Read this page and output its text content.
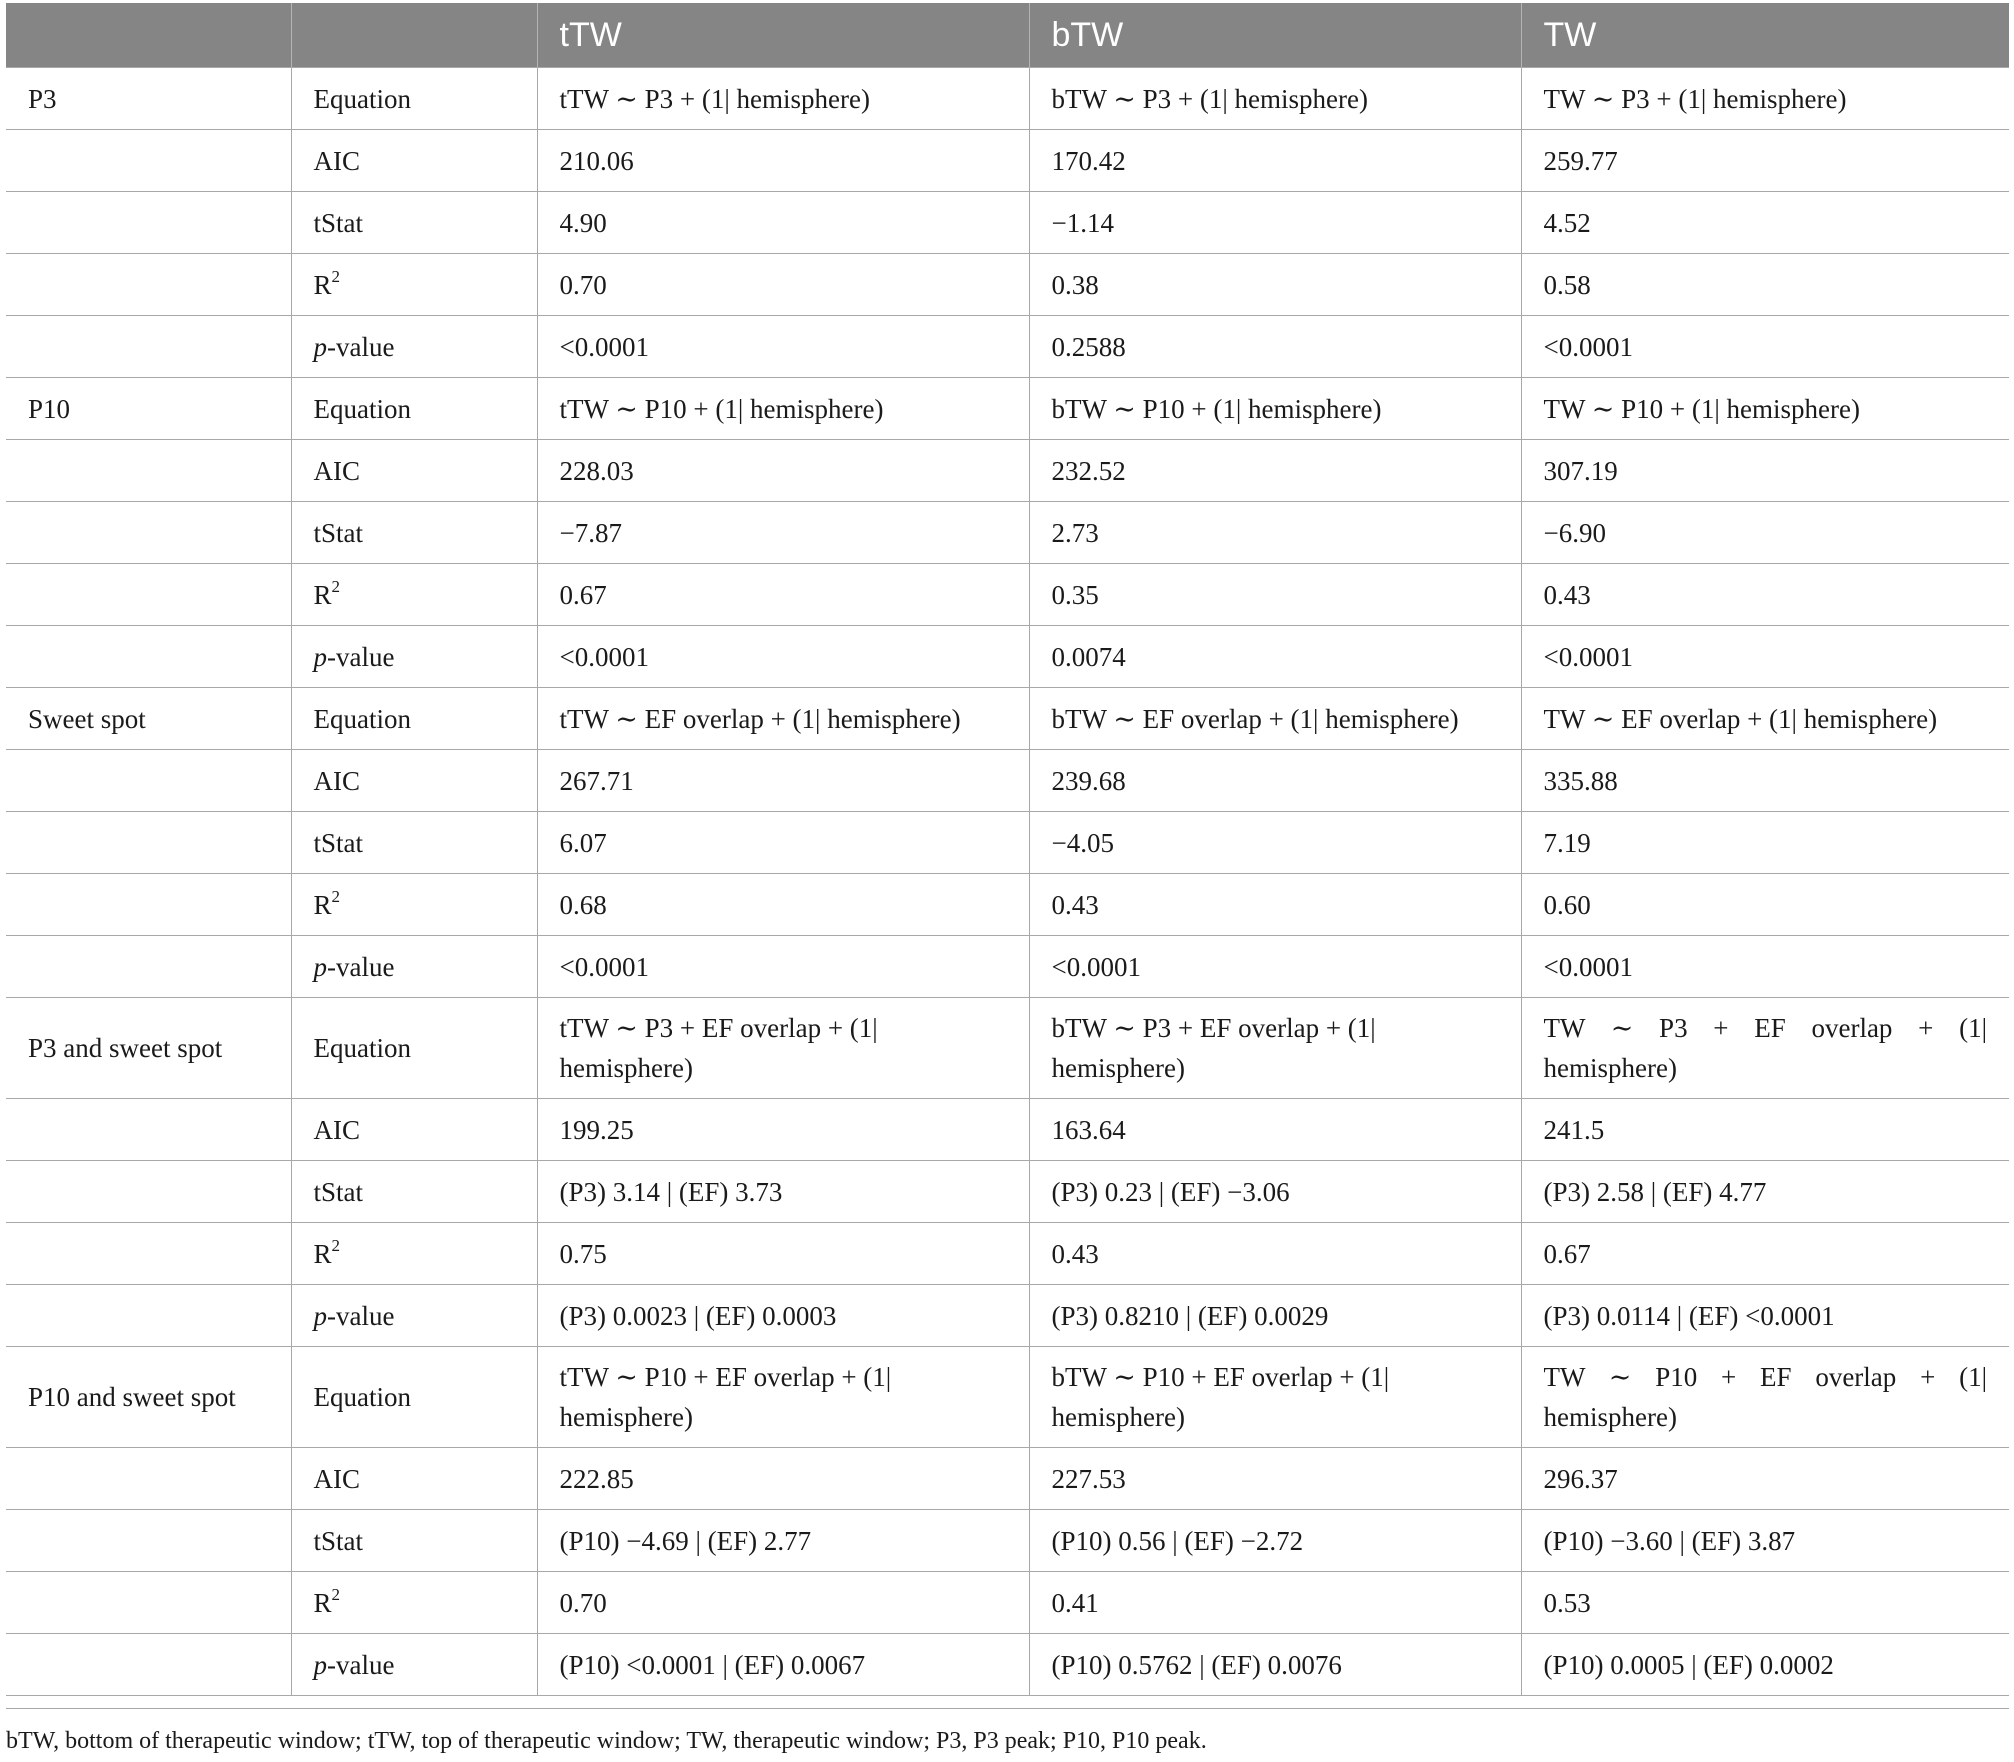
		tTW	bTW	TW
P3	Equation	tTW ∼ P3 + (1| hemisphere)	bTW ∼ P3 + (1| hemisphere)	TW ∼ P3 + (1| hemisphere)
	AIC	210.06	170.42	259.77
	tStat	4.90	−1.14	4.52
	$R^2$	0.70	0.38	0.58
	p-value	<0.0001	0.2588	<0.0001
P10	Equation	tTW ∼ P10 + (1| hemisphere)	bTW ∼ P10 + (1| hemisphere)	TW ∼ P10 + (1| hemisphere)
	AIC	228.03	232.52	307.19
	tStat	−7.87	2.73	−6.90
	$R^2$	0.67	0.35	0.43
	p-value	<0.0001	0.0074	<0.0001
Sweet spot	Equation	tTW ∼ EF overlap + (1| hemisphere)	bTW ∼ EF overlap + (1| hemisphere)	TW ∼ EF overlap + (1| hemisphere)
	AIC	267.71	239.68	335.88
	tStat	6.07	−4.05	7.19
	$R^2$	0.68	0.43	0.60
	p-value	<0.0001	<0.0001	<0.0001
P3 and sweet spot	Equation	tTW ∼ P3 + EF overlap + (1| hemisphere)	bTW ∼ P3 + EF overlap + (1| hemisphere)	TW ∼ P3 + EF overlap + (1| hemisphere)
	AIC	199.25	163.64	241.5
	tStat	(P3) 3.14 | (EF) 3.73	(P3) 0.23 | (EF) −3.06	(P3) 2.58 | (EF) 4.77
	$R^2$	0.75	0.43	0.67
	p-value	(P3) 0.0023 | (EF) 0.0003	(P3) 0.8210 | (EF) 0.0029	(P3) 0.0114 | (EF) <0.0001
P10 and sweet spot	Equation	tTW ∼ P10 + EF overlap + (1| hemisphere)	bTW ∼ P10 + EF overlap + (1| hemisphere)	TW ∼ P10 + EF overlap + (1| hemisphere)
	AIC	222.85	227.53	296.37
	tStat	(P10) −4.69 | (EF) 2.77	(P10) 0.56 | (EF) −2.72	(P10) −3.60 | (EF) 3.87
	$R^2$	0.70	0.41	0.53
	p-value	(P10) <0.0001 | (EF) 0.0067	(P10) 0.5762 | (EF) 0.0076	(P10) 0.0005 | (EF) 0.0002
bTW, bottom of therapeutic window; tTW, top of therapeutic window; TW, therapeutic window; P3, P3 peak; P10, P10 peak.
